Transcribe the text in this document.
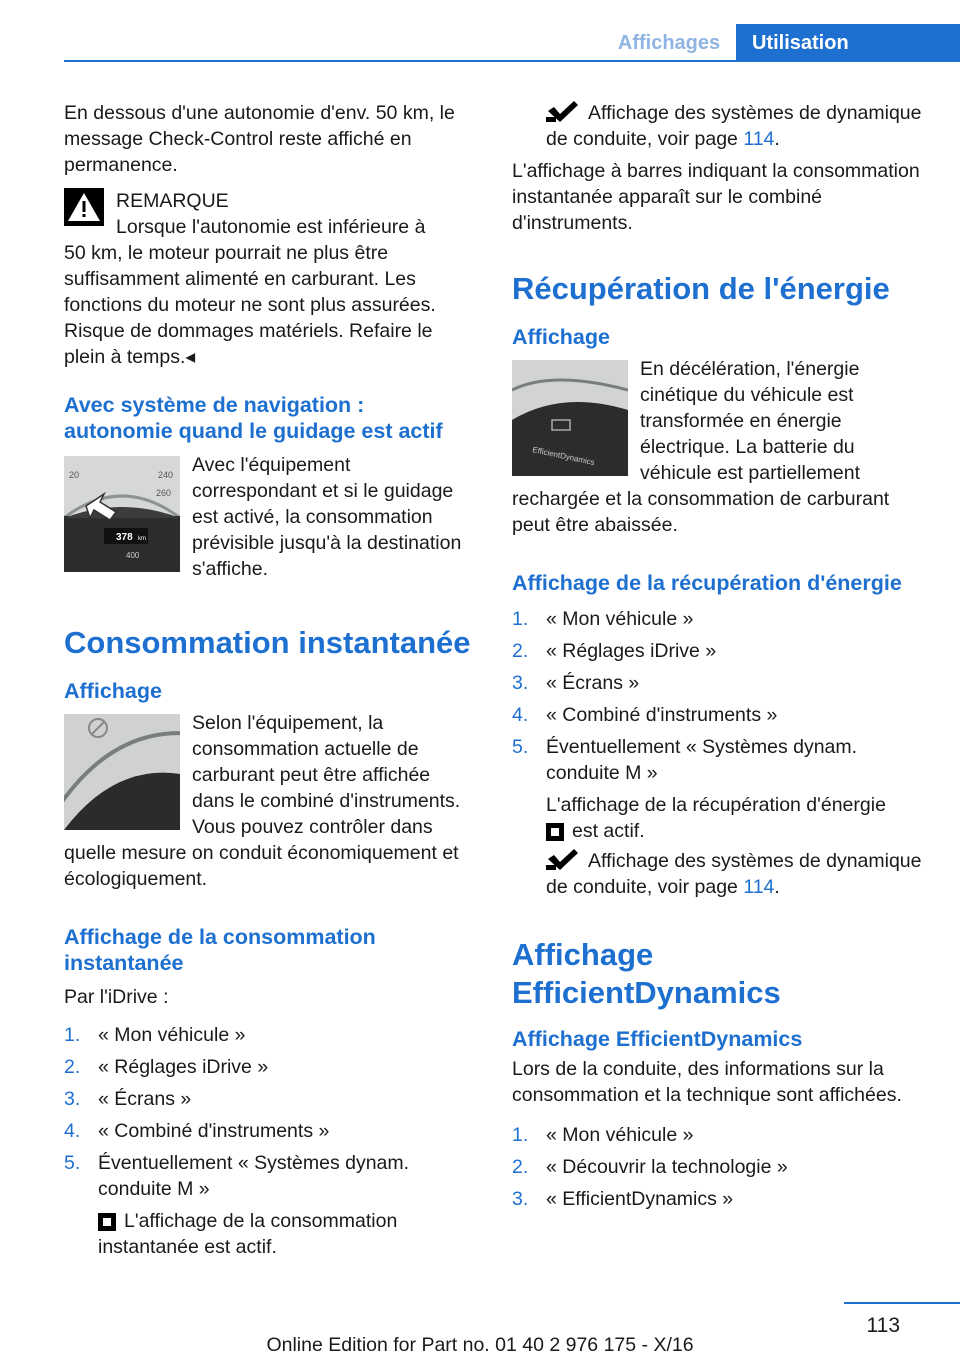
Affichages	Utilisation

En dessous d'une autonomie d'env. 50 km, le message Check-Control reste affiché en permanence.

REMARQUE

Lorsque l'autonomie est inférieure à

50 km, le moteur pourrait ne plus être suffisamment alimenté en carburant. Les fonctions du moteur ne sont plus assurées. Risque de dommages matériels. Refaire le plein à temps.◂

Avec système de navigation : autonomie quand le guidage est actif
20	240
260
378 km
400

Avec l'équipement correspondant et si le guidage est activé, la consommation prévisible jusqu'à la destination s'affiche.

Consommation instantanée
Affichage

Selon l'équipement, la consommation actuelle de carburant peut être affichée dans le combiné d'instruments. Vous pouvez contrôler dans quelle mesure on conduit économiquement et écologiquement.

Affichage de la consommation instantanée

Par l'iDrive :

1. « Mon véhicule »
2. « Réglages iDrive »
3. « Écrans »
4. « Combiné d'instruments »
5. Éventuellement « Systèmes dynam. conduite M »

L'affichage de la consommation instantanée est actif.

Affichage des systèmes de dynamique de conduite, voir page 114.

L'affichage à barres indiquant la consommation instantanée apparaît sur le combiné d'instruments.

Récupération de l'énergie
Affichage
EfficientDynamics

En décélération, l'énergie cinétique du véhicule est transformée en énergie électrique. La batterie du véhicule est partiellement rechargée et la consommation de carburant peut être abaissée.

Affichage de la récupération d'énergie
1. « Mon véhicule »
2. « Réglages iDrive »
3. « Écrans »
4. « Combiné d'instruments »
5. Éventuellement « Systèmes dynam. conduite M »

L'affichage de la récupération d'énergie
est actif.

Affichage des systèmes de dynamique de conduite, voir page 114.

Affichage EfficientDynamics
Affichage EfficientDynamics

Lors de la conduite, des informations sur la consommation et la technique sont affichées.

1. « Mon véhicule »
2. « Découvrir la technologie »
3. « EfficientDynamics »
113
Online Edition for Part no. 01 40 2 976 175 - X/16
